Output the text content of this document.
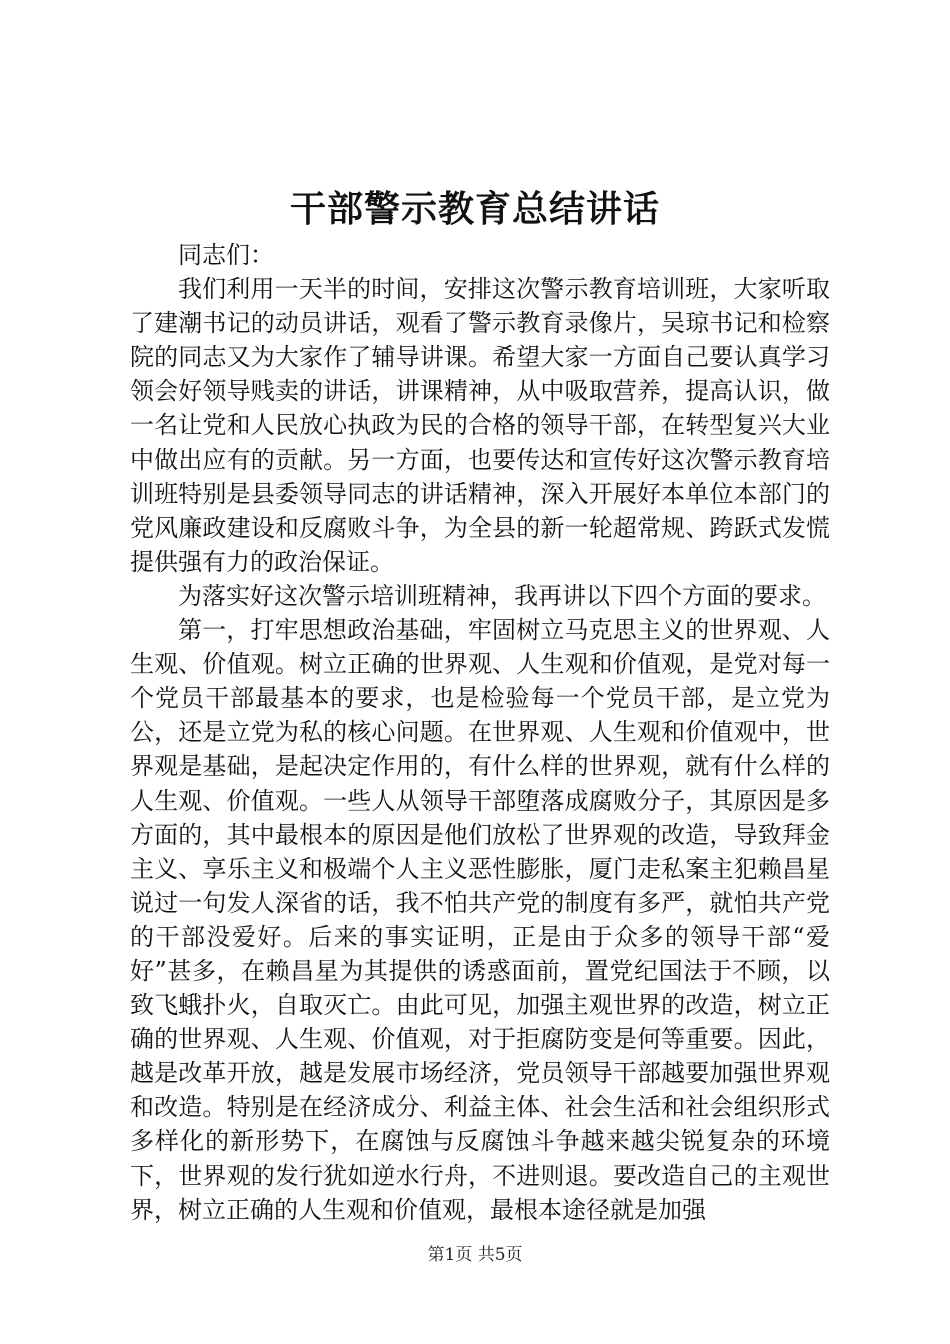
干部警示教育总结讲话

同志们：

我们利用一天半的时间，安排这次警示教育培训班，大家听取了建潮书记的动员讲话，观看了警示教育录像片，吴琼书记和检察院的同志又为大家作了辅导讲课。希望大家一方面自己要认真学习领会好领导贱卖的讲话，讲课精神，从中吸取营养，提高认识，做一名让党和人民放心执政为民的合格的领导干部，在转型复兴大业中做出应有的贡献。另一方面，也要传达和宣传好这次警示教育培训班特别是县委领导同志的讲话精神，深入开展好本单位本部门的党风廉政建设和反腐败斗争，为全县的新一轮超常规、跨跃式发慌提供强有力的政治保证。

为落实好这次警示培训班精神，我再讲以下四个方面的要求。

第一，打牢思想政治基础，牢固树立马克思主义的世界观、人生观、价值观。树立正确的世界观、人生观和价值观，是党对每一个党员干部最基本的要求，也是检验每一个党员干部，是立党为公，还是立党为私的核心问题。在世界观、人生观和价值观中，世界观是基础，是起决定作用的，有什么样的世界观，就有什么样的人生观、价值观。一些人从领导干部堕落成腐败分子，其原因是多方面的，其中最根本的原因是他们放松了世界观的改造，导致拜金主义、享乐主义和极端个人主义恶性膨胀，厦门走私案主犯赖昌星说过一句发人深省的话，我不怕共产党的制度有多严，就怕共产党的干部没爱好。后来的事实证明，正是由于众多的领导干部“爱好”甚多，在赖昌星为其提供的诱惑面前，置党纪国法于不顾，以致飞蛾扑火，自取灭亡。由此可见，加强主观世界的改造，树立正确的世界观、人生观、价值观，对于拒腐防变是何等重要。因此，越是改革开放，越是发展市场经济，党员领导干部越要加强世界观和改造。特别是在经济成分、利益主体、社会生活和社会组织形式多样化的新形势下，在腐蚀与反腐蚀斗争越来越尖锐复杂的环境下，世界观的发行犹如逆水行舟，不进则退。要改造自己的主观世界，树立正确的人生观和价值观，最根本途径就是加强

第1页 共5页
